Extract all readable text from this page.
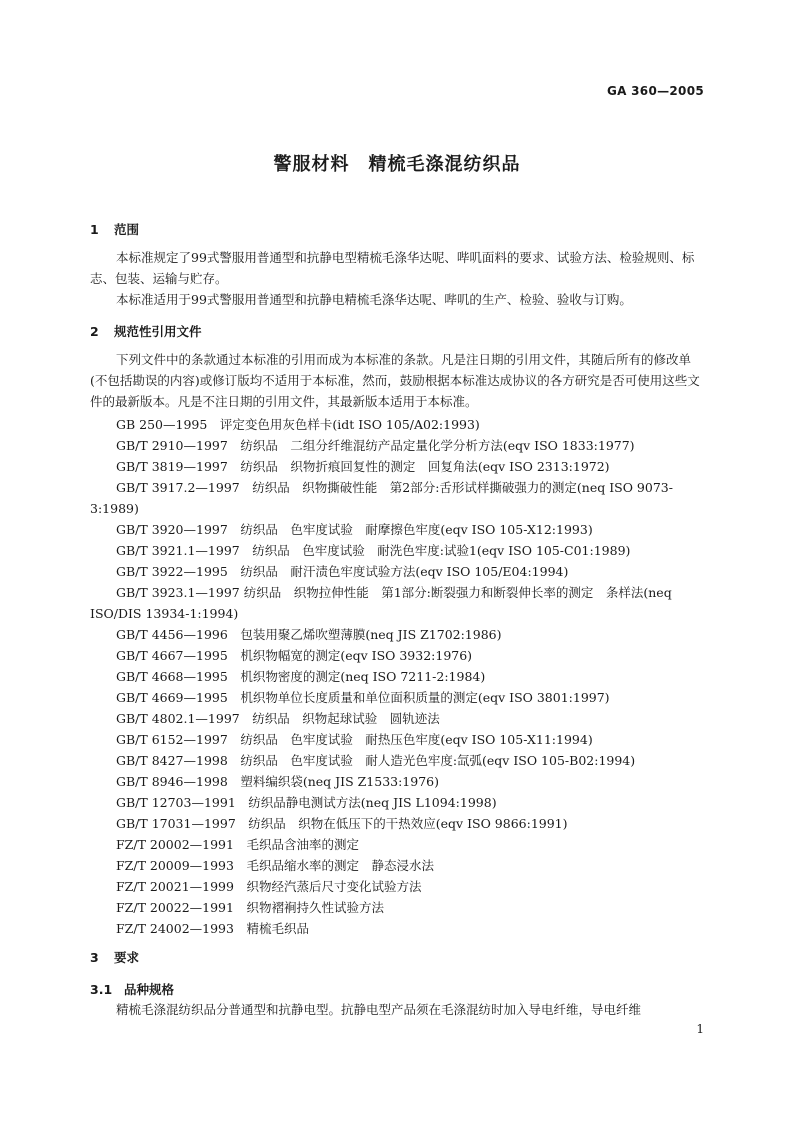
GA 360—2005
警服材料　精梳毛涤混纺织品
1 范围
本标准规定了99式警服用普通型和抗静电型精梳毛涤华达呢、哔叽面料的要求、试验方法、检验规则、标志、包装、运输与贮存。
本标准适用于99式警服用普通型和抗静电精梳毛涤华达呢、哔叽的生产、检验、验收与订购。
2 规范性引用文件
下列文件中的条款通过本标准的引用而成为本标准的条款。凡是注日期的引用文件，其随后所有的修改单(不包括勘误的内容)或修订版均不适用于本标准，然而，鼓励根据本标准达成协议的各方研究是否可使用这些文件的最新版本。凡是不注日期的引用文件，其最新版本适用于本标准。
GB 250—1995　评定变色用灰色样卡(idt ISO 105/A02:1993)
GB/T 2910—1997　纺织品　二组分纤维混纺产品定量化学分析方法(eqv ISO 1833:1977)
GB/T 3819—1997　纺织品　织物折痕回复性的测定　回复角法(eqv ISO 2313:1972)
GB/T 3917.2—1997　纺织品　织物撕破性能　第2部分:舌形试样撕破强力的测定(neq ISO 9073-3:1989)
GB/T 3920—1997　纺织品　色牢度试验　耐摩擦色牢度(eqv ISO 105-X12:1993)
GB/T 3921.1—1997　纺织品　色牢度试验　耐洗色牢度:试验1(eqv ISO 105-C01:1989)
GB/T 3922—1995　纺织品　耐汗渍色牢度试验方法(eqv ISO 105/E04:1994)
GB/T 3923.1—1997 纺织品　织物拉伸性能　第1部分:断裂强力和断裂伸长率的测定　条样法(neq ISO/DIS 13934-1:1994)
GB/T 4456—1996　包装用聚乙烯吹塑薄膜(neq JIS Z1702:1986)
GB/T 4667—1995　机织物幅宽的测定(eqv ISO 3932:1976)
GB/T 4668—1995　机织物密度的测定(neq ISO 7211-2:1984)
GB/T 4669—1995　机织物单位长度质量和单位面积质量的测定(eqv ISO 3801:1997)
GB/T 4802.1—1997　纺织品　织物起球试验　圆轨迹法
GB/T 6152—1997　纺织品　色牢度试验　耐热压色牢度(eqv ISO 105-X11:1994)
GB/T 8427—1998　纺织品　色牢度试验　耐人造光色牢度:氙弧(eqv ISO 105-B02:1994)
GB/T 8946—1998　塑料编织袋(neq JIS Z1533:1976)
GB/T 12703—1991　纺织品静电测试方法(neq JIS L1094:1998)
GB/T 17031—1997　纺织品　织物在低压下的干热效应(eqv ISO 9866:1991)
FZ/T 20002—1991　毛织品含油率的测定
FZ/T 20009—1993　毛织品缩水率的测定　静态浸水法
FZ/T 20021—1999　织物经汽蒸后尺寸变化试验方法
FZ/T 20022—1991　织物褶裥持久性试验方法
FZ/T 24002—1993　精梳毛织品
3 要求
3.1 品种规格
精梳毛涤混纺织品分普通型和抗静电型。抗静电型产品须在毛涤混纺时加入导电纤维，导电纤维
1
